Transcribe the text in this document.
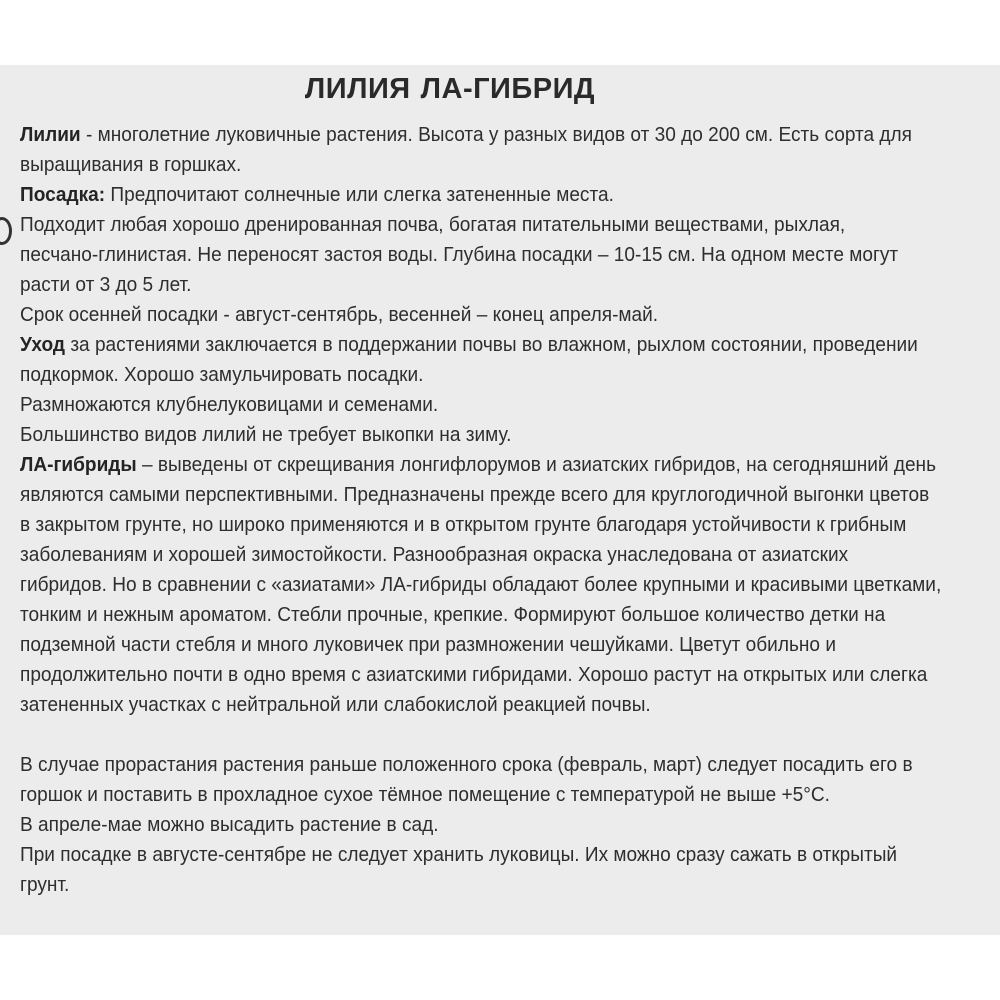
ЛИЛИЯ ЛА-ГИБРИД
Лилии - многолетние луковичные растения. Высота у разных видов от 30 до 200 см. Есть сорта для
выращивания в горшках.
Посадка: Предпочитают солнечные или слегка затененные места.
Подходит любая хорошо дренированная почва, богатая питательными веществами, рыхлая,
песчано-глинистая. Не переносят застоя воды. Глубина посадки – 10-15 см. На одном месте могут
расти от 3 до 5 лет.
Срок осенней посадки - август-сентябрь, весенней – конец апреля-май.
Уход за растениями заключается в поддержании почвы во влажном, рыхлом состоянии, проведении
подкормок. Хорошо замульчировать посадки.
Размножаются клубнелуковицами и семенами.
Большинство видов лилий не требует выкопки на зиму.
ЛА-гибриды – выведены от скрещивания лонгифлорумов и азиатских гибридов, на сегодняшний день
являются самыми перспективными. Предназначены прежде всего для круглогодичной выгонки цветов
в закрытом грунте, но широко применяются и в открытом грунте благодаря устойчивости к грибным
заболеваниям и хорошей зимостойкости. Разнообразная окраска унаследована от азиатских
гибридов. Но в сравнении с «азиатами» ЛА-гибриды обладают более крупными и красивыми цветками,
тонким и нежным ароматом. Стебли прочные, крепкие. Формируют большое количество детки на
подземной части стебля и много луковичек при размножении чешуйками. Цветут обильно и
продолжительно почти в одно время с азиатскими гибридами. Хорошо растут на открытых или слегка
затененных участках с нейтральной или слабокислой реакцией почвы.
В случае прорастания растения раньше положенного срока (февраль, март) следует посадить его в
горшок и поставить в прохладное сухое тёмное помещение с температурой не выше +5°С.
В апреле-мае можно высадить растение в сад.
При посадке в августе-сентябре не следует хранить луковицы. Их можно сразу сажать в открытый
грунт.
